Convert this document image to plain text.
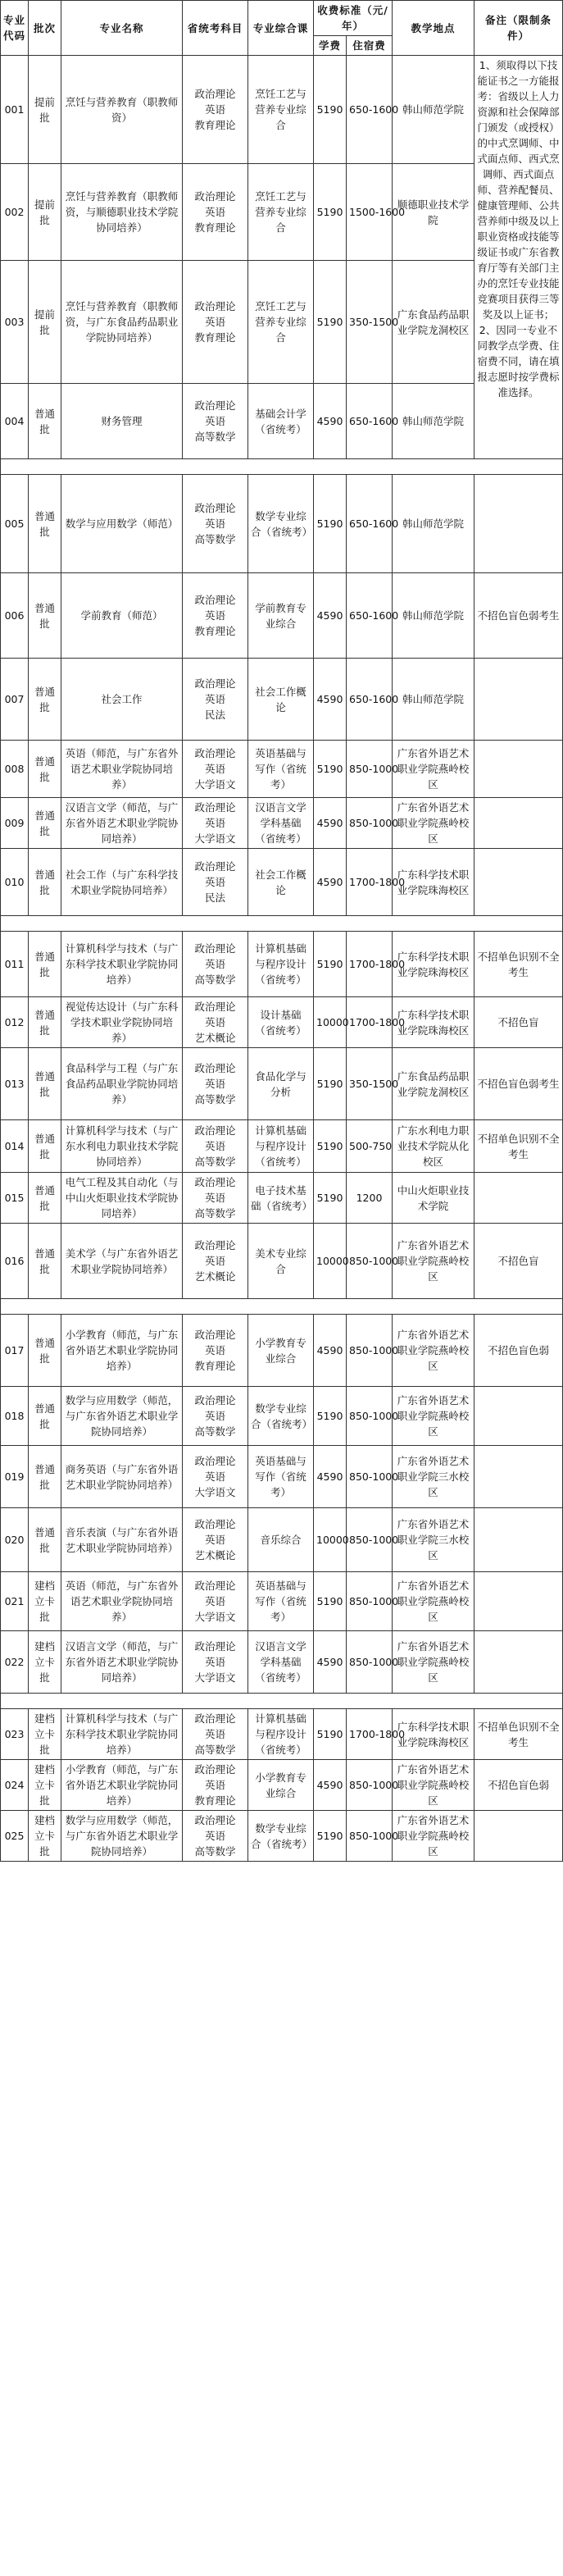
专业代码	批次	专业名称	省统考科目	专业综合课	收费标准（元/年）		教学地点	备注（限制条件）
					学费	住宿费		
001	提前批	烹饪与营养教育（职教师资）	政治理论
英语
教育理论	烹饪工艺与营养专业综合	5190	650-1600	韩山师范学院	1、须取得以下技能证书之一方能报考：省级以上人力资源和社会保障部门颁发（或授权）的中式烹调师、中式面点师、西式烹调师、西式面点师、营养配餐员、健康管理师、公共营养师中级及以上职业资格或技能等级证书或广东省教育厅等有关部门主办的烹饪专业技能竞赛项目获得三等奖及以上证书；2、因同一专业不同教学点学费、住宿费不同，请在填报志愿时按学费标准选择。
002	提前批	烹饪与营养教育（职教师资，与顺德职业技术学院协同培养）	政治理论
英语
教育理论	烹饪工艺与营养专业综合	5190	1500-1600	顺德职业技术学院	
003	提前批	烹饪与营养教育（职教师资，与广东食品药品职业学院协同培养）	政治理论
英语
教育理论	烹饪工艺与营养专业综合	5190	350-1500	广东食品药品职业学院龙洞校区	
004	普通批	财务管理	政治理论
英语
高等数学	基础会计学（省统考）	4590	650-1600	韩山师范学院	

005	普通批	数学与应用数学（师范）	政治理论
英语
高等数学	数学专业综合（省统考）	5190	650-1600	韩山师范学院	
006	普通批	学前教育（师范）	政治理论
英语
教育理论	学前教育专业综合	4590	650-1600	韩山师范学院	不招色盲色弱考生
007	普通批	社会工作	政治理论
英语
民法	社会工作概论	4590	650-1600	韩山师范学院	
008	普通批	英语（师范，与广东省外语艺术职业学院协同培养）	政治理论
英语
大学语文	英语基础与写作（省统考）	5190	850-1000	广东省外语艺术职业学院燕岭校区	
009	普通批	汉语言文学（师范，与广东省外语艺术职业学院协同培养）	政治理论
英语
大学语文	汉语言文学学科基础（省统考）	4590	850-1000	广东省外语艺术职业学院燕岭校区	
010	普通批	社会工作（与广东科学技术职业学院协同培养）	政治理论
英语
民法	社会工作概论	4590	1700-1800	广东科学技术职业学院珠海校区	

011	普通批	计算机科学与技术（与广东科学技术职业学院协同培养）	政治理论
英语
高等数学	计算机基础与程序设计（省统考）	5190	1700-1800	广东科学技术职业学院珠海校区	不招单色识别不全考生
012	普通批	视觉传达设计（与广东科学技术职业学院协同培养）	政治理论
英语
艺术概论	设计基础（省统考）	10000	1700-1800	广东科学技术职业学院珠海校区	不招色盲
013	普通批	食品科学与工程（与广东食品药品职业学院协同培养）	政治理论
英语
高等数学	食品化学与分析	5190	350-1500	广东食品药品职业学院龙洞校区	不招色盲色弱考生
014	普通批	计算机科学与技术（与广东水利电力职业技术学院协同培养）	政治理论
英语
高等数学	计算机基础与程序设计（省统考）	5190	500-750	广东水利电力职业技术学院从化校区	不招单色识别不全考生
015	普通批	电气工程及其自动化（与中山火炬职业技术学院协同培养）	政治理论
英语
高等数学	电子技术基础（省统考）	5190	1200	中山火炬职业技术学院	
016	普通批	美术学（与广东省外语艺术职业学院协同培养）	政治理论
英语
艺术概论	美术专业综合	10000	850-1000	广东省外语艺术职业学院燕岭校区	不招色盲

017	普通批	小学教育（师范，与广东省外语艺术职业学院协同培养）	政治理论
英语
教育理论	小学教育专业综合	4590	850-1000	广东省外语艺术职业学院燕岭校区	不招色盲色弱
018	普通批	数学与应用数学（师范，与广东省外语艺术职业学院协同培养）	政治理论
英语
高等数学	数学专业综合（省统考）	5190	850-1000	广东省外语艺术职业学院燕岭校区	
019	普通批	商务英语（与广东省外语艺术职业学院协同培养）	政治理论
英语
大学语文	英语基础与写作（省统考）	4590	850-1000	广东省外语艺术职业学院三水校区	
020	普通批	音乐表演（与广东省外语艺术职业学院协同培养）	政治理论
英语
艺术概论	音乐综合	10000	850-1000	广东省外语艺术职业学院三水校区	
021	建档立卡批	英语（师范，与广东省外语艺术职业学院协同培养）	政治理论
英语
大学语文	英语基础与写作（省统考）	5190	850-1000	广东省外语艺术职业学院燕岭校区	
022	建档立卡批	汉语言文学（师范，与广东省外语艺术职业学院协同培养）	政治理论
英语
大学语文	汉语言文学学科基础（省统考）	4590	850-1000	广东省外语艺术职业学院燕岭校区	

023	建档立卡批	计算机科学与技术（与广东科学技术职业学院协同培养）	政治理论
英语
高等数学	计算机基础与程序设计（省统考）	5190	1700-1800	广东科学技术职业学院珠海校区	不招单色识别不全考生
024	建档立卡批	小学教育（师范，与广东省外语艺术职业学院协同培养）	政治理论
英语
教育理论	小学教育专业综合	4590	850-1000	广东省外语艺术职业学院燕岭校区	不招色盲色弱
025	建档立卡批	数学与应用数学（师范，与广东省外语艺术职业学院协同培养）	政治理论
英语
高等数学	数学专业综合（省统考）	5190	850-1000	广东省外语艺术职业学院燕岭校区	
